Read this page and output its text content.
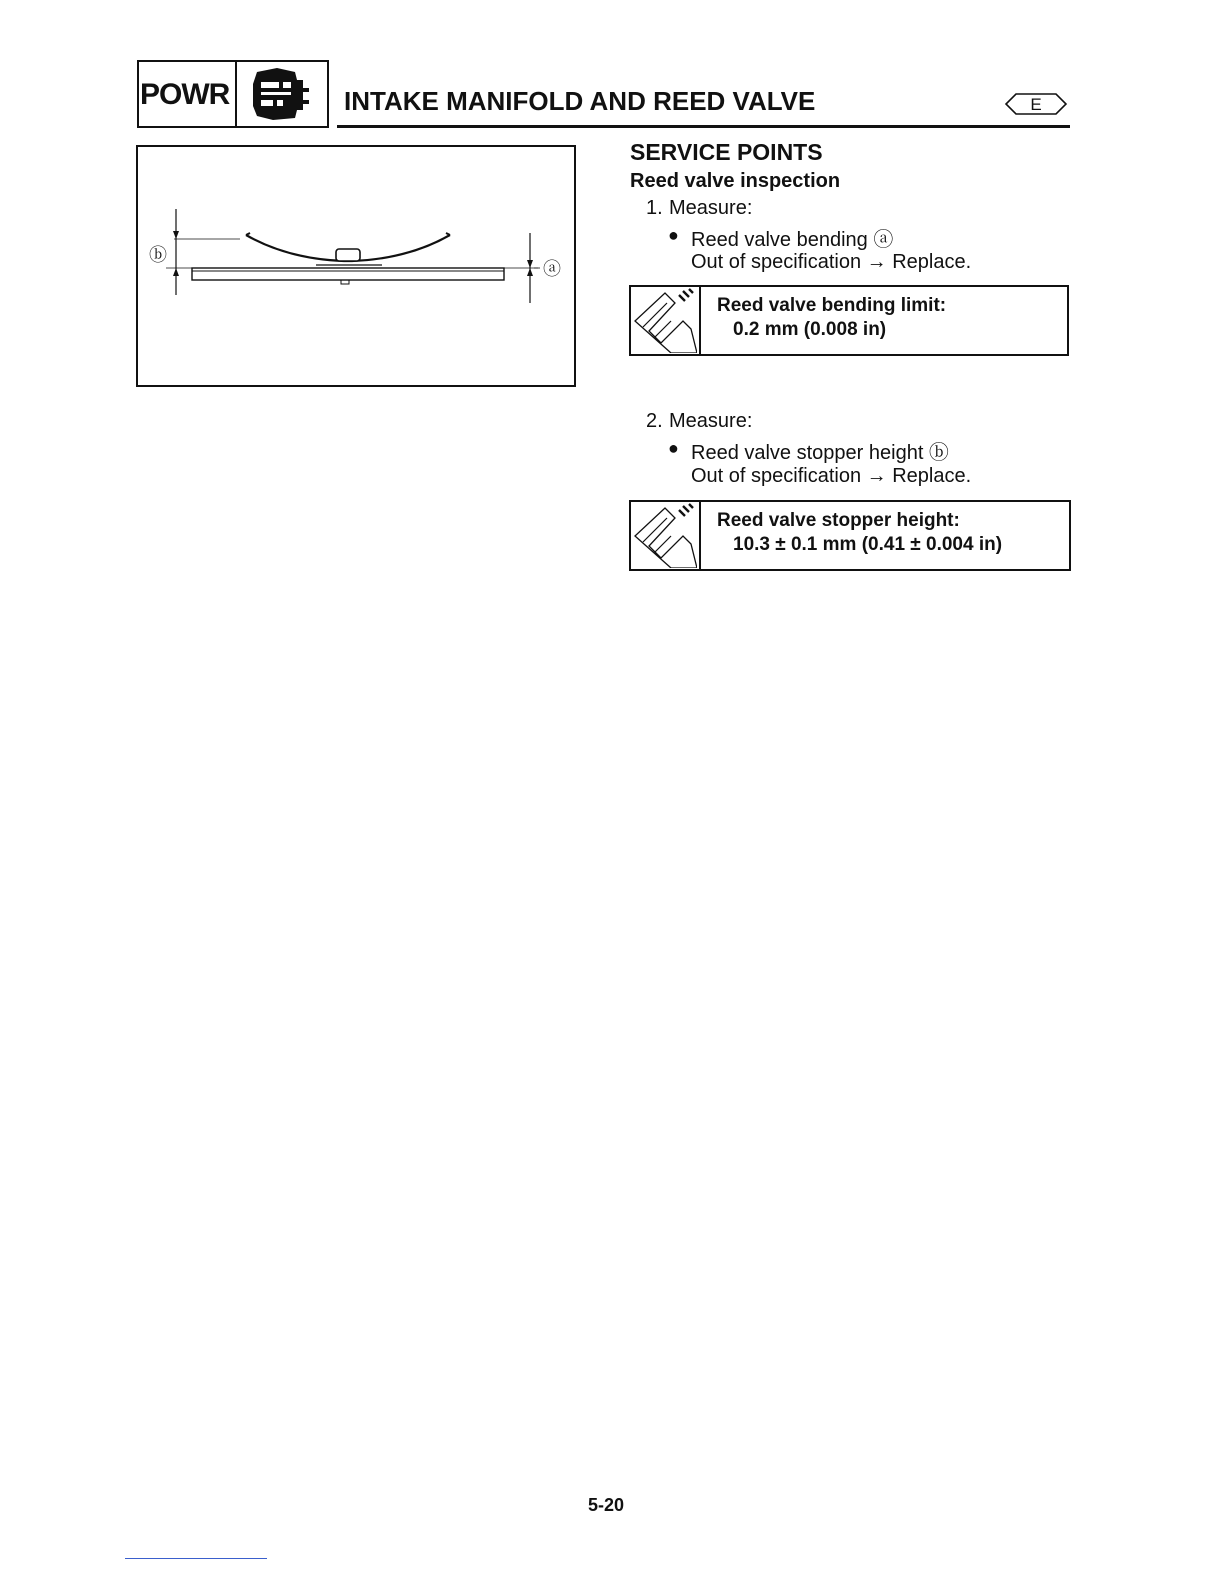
POWR	INTAKE MANIFOLD AND REED VALVE	E
ⓑ
ⓐ
SERVICE POINTS
Reed valve inspection
1. Measure:
● Reed valve bending ⓐ
Out of specification → Replace.
Reed valve bending limit:
0.2 mm (0.008 in)
2. Measure:
● Reed valve stopper height ⓑ
Out of specification → Replace.
Reed valve stopper height:
10.3 ± 0.1 mm (0.41 ± 0.004 in)
5-20
